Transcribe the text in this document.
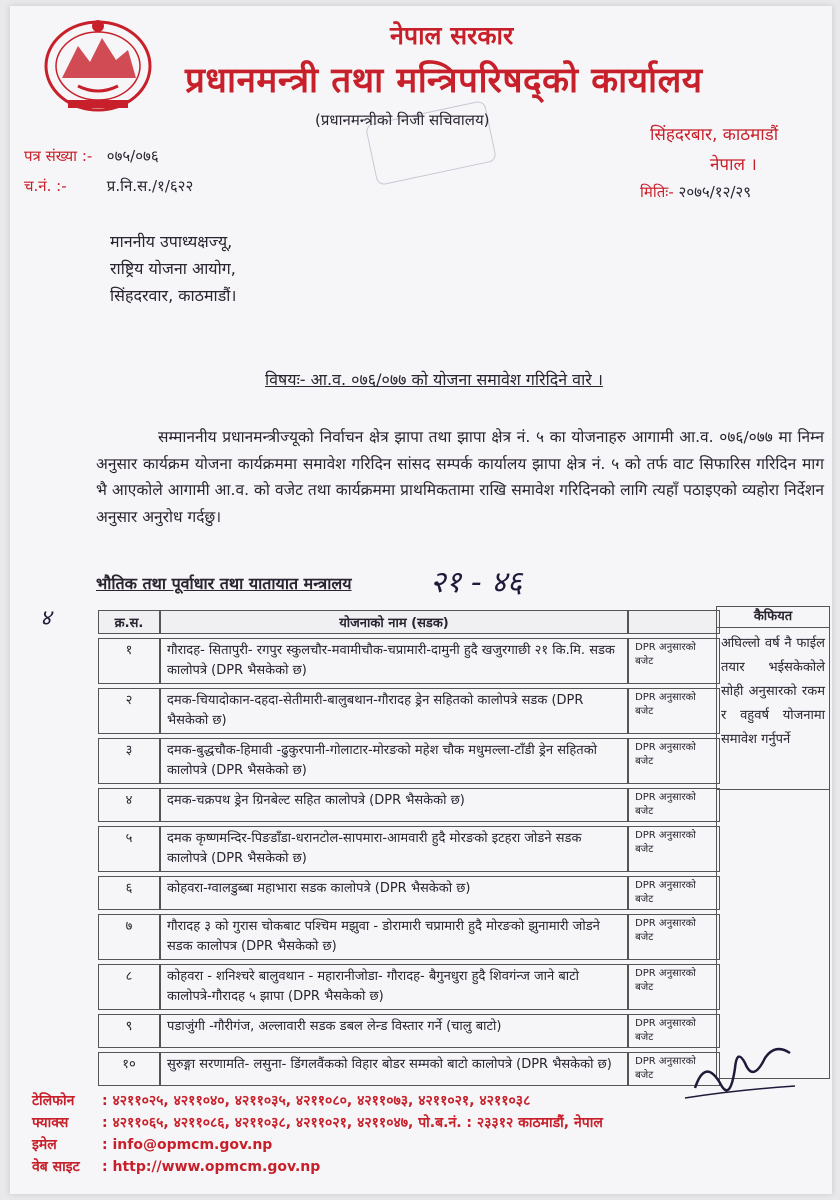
नेपाल सरकार
प्रधानमन्त्री तथा मन्त्रिपरिषद्को कार्यालय
(प्रधानमन्त्रीको निजी सचिवालय)
सिंहदरबार, काठमाडौं
नेपाल ।
पत्र संख्या :- ०७५/०७६
च.नं. :-	प्र.नि.स./१/६२२	मितिः- २०७५/१२/२९
माननीय उपाध्यक्षज्यू,
राष्ट्रिय योजना आयोग,
सिंहदरवार, काठमाडौं।
विषयः- आ.व. ०७६/०७७ को योजना समावेश गरिदिने वारे ।
सम्माननीय प्रधानमन्त्रीज्यूको निर्वाचन क्षेत्र झापा तथा झापा क्षेत्र नं. ५ का योजनाहरु आगामी आ.व. ०७६/०७७ मा निम्न अनुसार कार्यक्रम योजना कार्यक्रममा समावेश गरिदिन सांसद सम्पर्क कार्यालय झापा क्षेत्र नं. ५ को तर्फ वाट सिफारिस गरिदिन माग भै आएकोले आगामी आ.व. को वजेट तथा कार्यक्रममा प्राथमिकतामा राखि समावेश गरिदिनको लागि त्यहाँ पठाइएको व्यहोरा निर्देशन अनुसार अनुरोध गर्दछु।
भौतिक तथा पूर्वाधार तथा यातायात मन्त्रालय	२१ - ४६
४	क्र.स.	योजनाको नाम (सडक)	
१	गौरादह- सितापुरी- रगपुर स्कुलचौर-मवामीचौक-चप्रामारी-दामुनी हुदै खजुरगाछी २१ कि.मि. सडक कालोपत्रे (DPR भैसकेको छ)	DPR अनुसारको बजेट
२	दमक-चियादोकान-दहदा-सेतीमारी-बालुबथान-गौरादह ड्रेन सहितको कालोपत्रे सडक (DPR भैसकेको छ)	DPR अनुसारको बजेट
३	दमक-बुद्धचौक-हिमावी -ढुकुरपानी-गोलाटार-मोरङको महेश चौक मधुमल्ला-टाँडी ड्रेन सहितको कालोपत्रे (DPR भैसकेको छ)	DPR अनुसारको बजेट
४	दमक-चक्रपथ ड्रेन ग्रिनबेल्ट सहित कालोपत्रे (DPR भैसकेको छ)	DPR अनुसारको बजेट
५	दमक कृष्णमन्दिर-पिङडाँडा-धरानटोल-सापमारा-आमवारी हुदै मोरङको इटहरा जोडने सडक कालोपत्रे (DPR भैसकेको छ)	DPR अनुसारको बजेट
६	कोहवरा-ग्वालडुब्बा महाभारा सडक कालोपत्रे (DPR भैसकेको छ)	DPR अनुसारको बजेट
७	गौरादह ३ को गुरास चोकबाट पश्चिम मझुवा - डोरामारी चप्रामारी हुदै मोरङको झुनामारी जोडने सडक कालोपत्र (DPR भैसकेको छ)	DPR अनुसारको बजेट
८	कोहवरा - शनिश्चरे बालुवथान - महारानीजोडा- गौरादह- बैगुनधुरा हुदै शिवगंन्ज जाने बाटो कालोपत्रे-गौरादह ५ झापा (DPR भैसकेको छ)	DPR अनुसारको बजेट
९	पडाजुंगी -गौरीगंज, अल्लावारी सडक डबल लेन्ड विस्तार गर्ने (चालु बाटो)	DPR अनुसारको बजेट
१०	सुरुङ्गा सरणामति- लसुना- डिंगलवैंकको विहार बोडर सम्मको बाटो कालोपत्रे (DPR भैसकेको छ)	DPR अनुसारको बजेट
कैफियत
अघिल्लो वर्ष नै फाईल तयार भईसकेकोले सोही अनुसारको रकम र वहुवर्ष योजनामा समावेश गर्नुपर्ने
टेलिफोन : ४२११०२५, ४२११०४०, ४२११०३५, ४२११०८०, ४२११०७३, ४२११०२१, ४२११०३८
फ्याक्स : ४२११०६५, ४२११०८६, ४२११०३८, ४२११०२१, ४२११०४७, पो.ब.नं. : २३३१२ काठमाडौं, नेपाल
इमेल	: info@opmcm.gov.np
वेब साइट : http://www.opmcm.gov.np
